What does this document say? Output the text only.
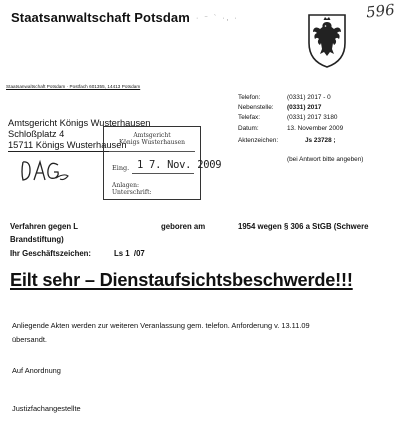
Staatsanwaltschaft Potsdam · ⁻ ` ·, ·	596
Staatsanwaltschaft Potsdam · Postfach 601355, 14413 Potsdam
Amtsgericht Königs Wusterhausen
Schloßplatz 4
15711 Königs Wusterhausen
Amtsgericht
Königs Wusterhausen
Eing. 1 7. Nov. 2009
Anlagen:
Unterschrift:
Telefon:	(0331) 2017 - 0
Nebenstelle: (0331) 2017
Telefax:	(0331) 2017 3180
Datum:	13. November 2009
Aktenzeichen:	Js 23728 ;
(bei Antwort bitte angeben)
Verfahren gegen L	geboren am	1954 wegen § 306 a StGB (Schwere
Brandstiftung)
Ihr Geschäftszeichen:	Ls 1  /07
Eilt sehr – Dienstaufsichtsbeschwerde!!!
Anliegende Akten werden zur weiteren Veranlassung gem. telefon. Anforderung v. 13.11.09
übersandt.
Auf Anordnung
Justizfachangestellte
